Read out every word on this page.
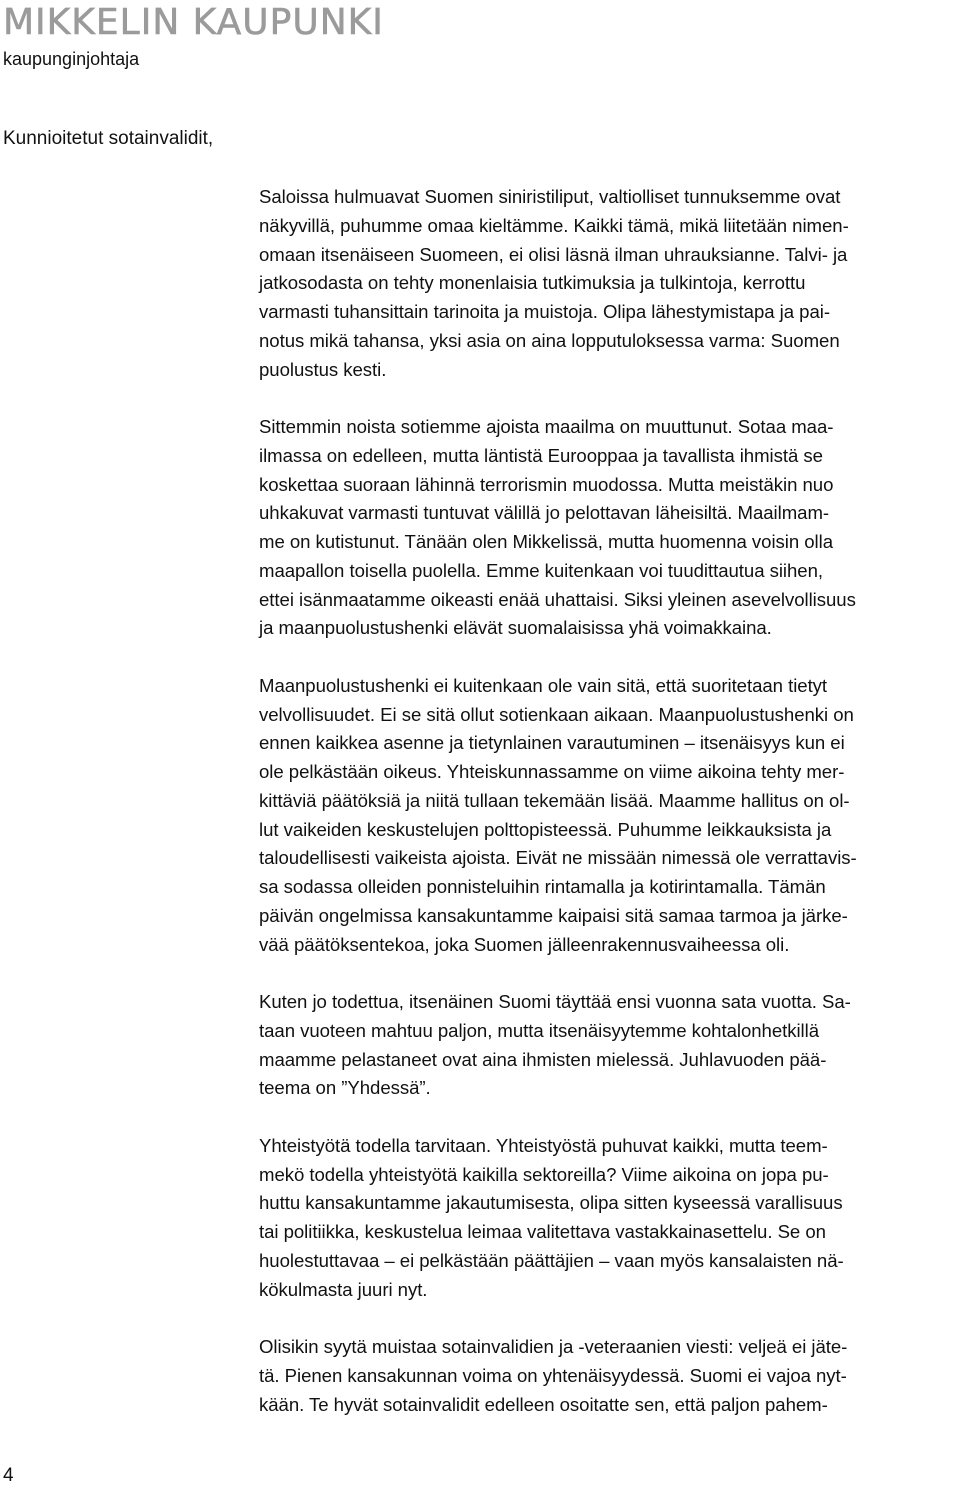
MIKKELIN KAUPUNKI
kaupunginjohtaja
Kunnioitetut sotainvalidit,

Saloissa hulmuavat Suomen siniristiliput, valtiolliset tunnuksemme ovat
näkyvillä, puhumme omaa kieltämme. Kaikki tämä, mikä liitetään nimen-
omaan itsenäiseen Suomeen, ei olisi läsnä ilman uhrauksianne. Talvi- ja
jatkosodasta on tehty monenlaisia tutkimuksia ja tulkintoja, kerrottu
varmasti tuhansittain tarinoita ja muistoja. Olipa lähestymistapa ja pai-
notus mikä tahansa, yksi asia on aina lopputuloksessa varma: Suomen
puolustus kesti.

Sittemmin noista sotiemme ajoista maailma on muuttunut. Sotaa maa-
ilmassa on edelleen, mutta läntistä Eurooppaa ja tavallista ihmistä se
koskettaa suoraan lähinnä terrorismin muodossa. Mutta meistäkin nuo
uhkakuvat varmasti tuntuvat välillä jo pelottavan läheisiltä. Maailmam-
me on kutistunut. Tänään olen Mikkelissä, mutta huomenna voisin olla
maapallon toisella puolella. Emme kuitenkaan voi tuudittautua siihen,
ettei isänmaatamme oikeasti enää uhattaisi. Siksi yleinen asevelvollisuus
ja maanpuolustushenki elävät suomalaisissa yhä voimakkaina.

Maanpuolustushenki ei kuitenkaan ole vain sitä, että suoritetaan tietyt
velvollisuudet. Ei se sitä ollut sotienkaan aikaan. Maanpuolustushenki on
ennen kaikkea asenne ja tietynlainen varautuminen – itsenäisyys kun ei
ole pelkästään oikeus. Yhteiskunnassamme on viime aikoina tehty mer-
kittäviä päätöksiä ja niitä tullaan tekemään lisää. Maamme hallitus on ol-
lut vaikeiden keskustelujen polttopisteessä. Puhumme leikkauksista ja
taloudellisesti vaikeista ajoista. Eivät ne missään nimessä ole verrattavis-
sa sodassa olleiden ponnisteluihin rintamalla ja kotirintamalla. Tämän
päivän ongelmissa kansakuntamme kaipaisi sitä samaa tarmoa ja järke-
vää päätöksentekoa, joka Suomen jälleenrakennusvaiheessa oli.

Kuten jo todettua, itsenäinen Suomi täyttää ensi vuonna sata vuotta. Sa-
taan vuoteen mahtuu paljon, mutta itsenäisyytemme kohtalonhetkillä
maamme pelastaneet ovat aina ihmisten mielessä. Juhlavuoden pää-
teema on ”Yhdessä”.

Yhteistyötä todella tarvitaan. Yhteistyöstä puhuvat kaikki, mutta teem-
mekö todella yhteistyötä kaikilla sektoreilla? Viime aikoina on jopa pu-
huttu kansakuntamme jakautumisesta, olipa sitten kyseessä varallisuus
tai politiikka, keskustelua leimaa valitettava vastakkainasettelu. Se on
huolestuttavaa – ei pelkästään päättäjien – vaan myös kansalaisten nä-
kökulmasta juuri nyt.

Olisikin syytä muistaa sotainvalidien ja -veteraanien viesti: veljeä ei jätе-
tä. Pienen kansakunnan voima on yhtenäisyydessä. Suomi ei vajoa nyt-
kään. Te hyvät sotainvalidit edelleen osoitatte sen, että paljon pahem-

4
